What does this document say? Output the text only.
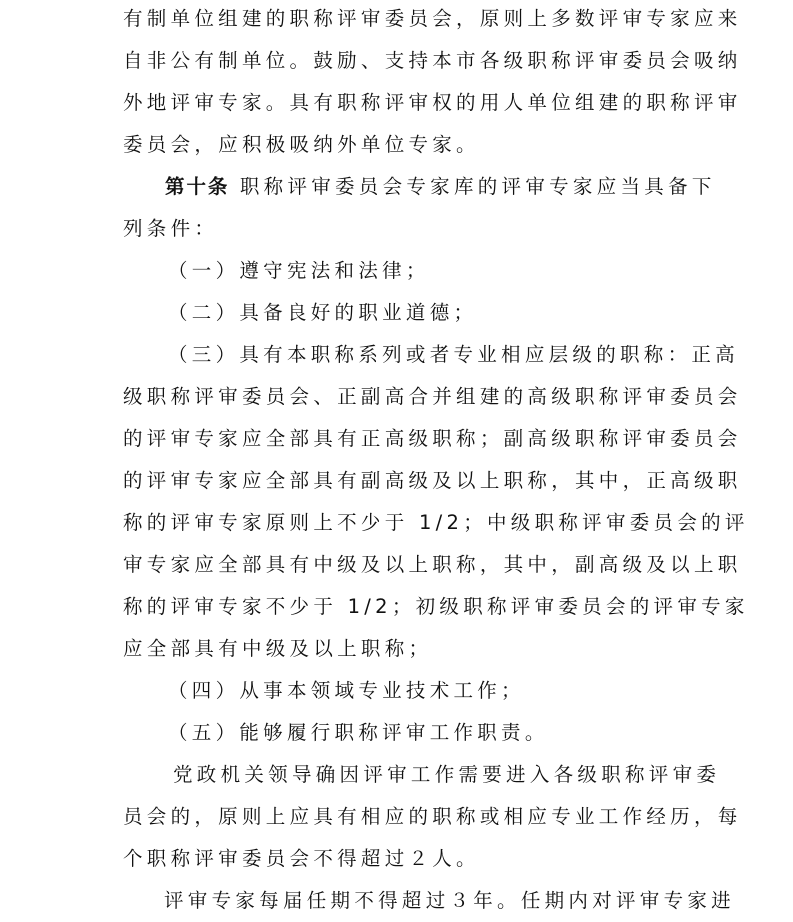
有制单位组建的职称评审委员会，原则上多数评审专家应来
自非公有制单位。鼓励、支持本市各级职称评审委员会吸纳
外地评审专家。具有职称评审权的用人单位组建的职称评审
委员会，应积极吸纳外单位专家。
第十条 职称评审委员会专家库的评审专家应当具备下
列条件：
（一）遵守宪法和法律；
（二）具备良好的职业道德；
（三）具有本职称系列或者专业相应层级的职称：正高
级职称评审委员会、正副高合并组建的高级职称评审委员会
的评审专家应全部具有正高级职称；副高级职称评审委员会
的评审专家应全部具有副高级及以上职称，其中，正高级职
称的评审专家原则上不少于 1/2；中级职称评审委员会的评
审专家应全部具有中级及以上职称，其中，副高级及以上职
称的评审专家不少于 1/2；初级职称评审委员会的评审专家
应全部具有中级及以上职称；
（四）从事本领域专业技术工作；
（五）能够履行职称评审工作职责。
党政机关领导确因评审工作需要进入各级职称评审委
员会的，原则上应具有相应的职称或相应专业工作经历，每
个职称评审委员会不得超过２人。
评审专家每届任期不得超过３年。任期内对评审专家进
